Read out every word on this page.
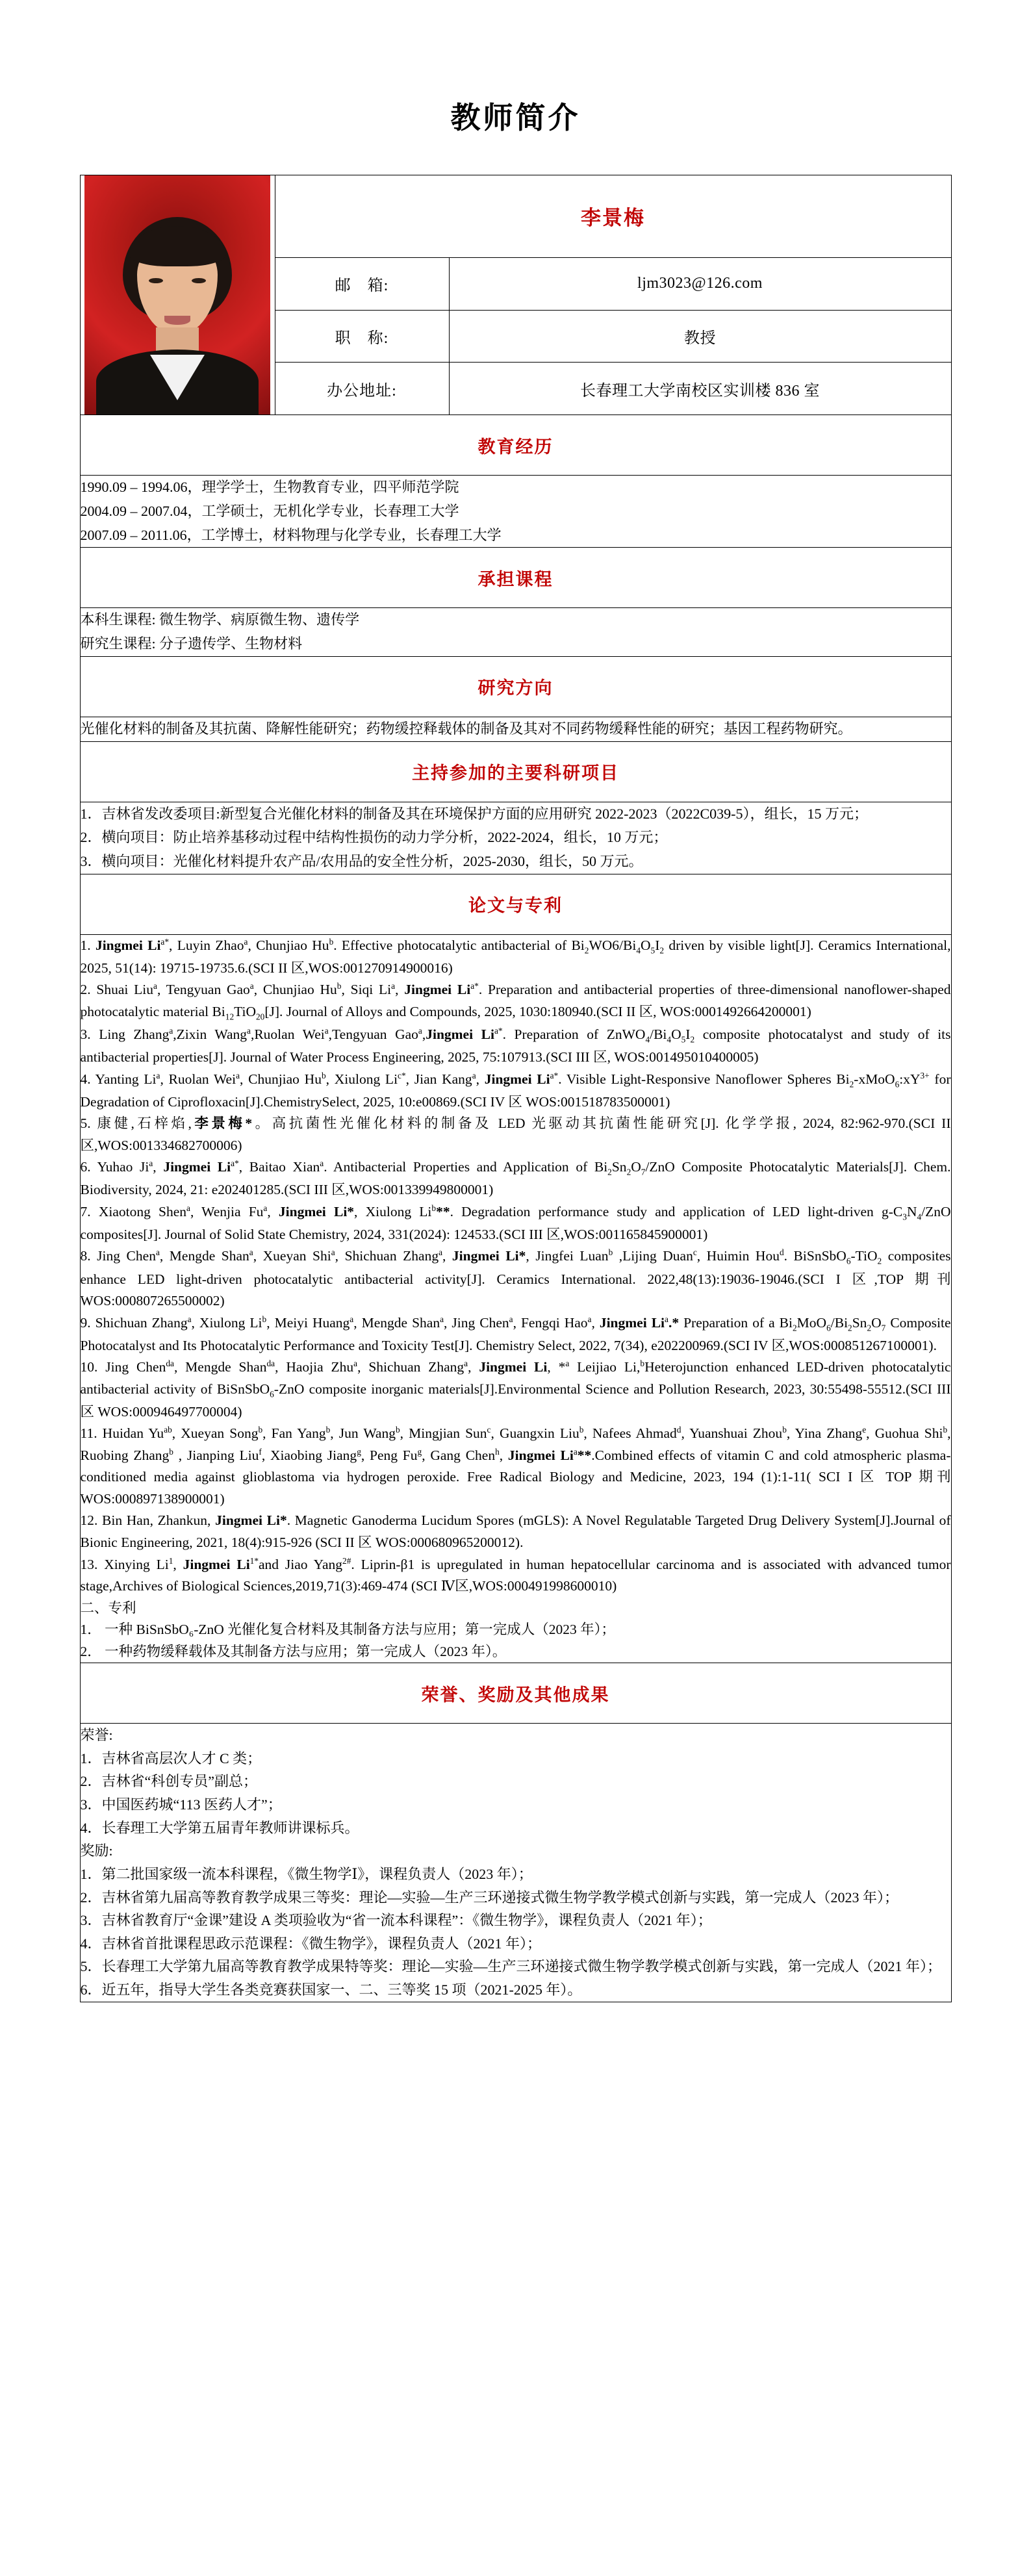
教师简介
	李景梅	
	邮　箱:	ljm3023@126.com
	职　称:	教授
	办公地址:	长春理工大学南校区实训楼 836 室
教育经历		

1990.09 – 1994.06，理学学士，生物教育专业，四平师范学院

2004.09 – 2007.04，工学硕士，无机化学专业，长春理工大学

2007.09 – 2011.06，工学博士，材料物理与化学专业，长春理工大学		

承担课程		

本科生课程: 微生物学、病原微生物、遗传学

研究生课程: 分子遗传学、生物材料		

研究方向		

光催化材料的制备及其抗菌、降解性能研究；药物缓控释载体的制备及其对不同药物缓释性能的研究；基因工程药物研究。		

主持参加的主要科研项目		

1．吉林省发改委项目:新型复合光催化材料的制备及其在环境保护方面的应用研究 2022-2023（2022C039-5），组长，15 万元；

2．横向项目：防止培养基移动过程中结构性损伤的动力学分析，2022-2024，组长，10 万元；

3．横向项目：光催化材料提升农产品/农用品的安全性分析，2025-2030，组长，50 万元。		

论文与专利		

1. Jingmei $Li^{a*}$, Luyin Zhao$^a$, Chunjiao Hu$^b$. Effective photocatalytic antibacterial of $Bi_2WO6/Bi_4O_5I_2$ driven by visible light[J]. Ceramics International, 2025, 51(14): 19715-19735.6.(SCI II 区,WOS:001270914900016)

2. Shuai Liu$^a$, Tengyuan Gao$^a$, Chunjiao Hu$^b$, Siqi Li$^a$, Jingmei $Li^{a*}$. Preparation and antibacterial properties of three-dimensional nanoflower-shaped photocatalytic material $Bi_{12}TiO_{20}[J]$. Journal of Alloys and Compounds, 2025, 1030:180940.(SCI II 区, WOS:0001492664200001)

3. Ling Zhang$^a$,Zixin Wang$^a$,Ruolan Wei$^a$,Tengyuan Gao$^a$,Jingmei $Li^{a*}$. Preparation of $ZnWO_4/Bi_4O_5I_2$ composite photocatalyst and study of its antibacterial properties[J]. Journal of Water Process Engineering, 2025, 75:107913.(SCI III 区, WOS:001495010400005)

4. Yanting Li$^a$, Ruolan Wei$^a$, Chunjiao Hu$^b$, Xiulong $Li^{c*}$, Jian Kang$^a$, Jingmei $Li^{a*}$. Visible Light-Responsive Nanoflower Spheres $Bi_2-xMoO_6:xY^{3+}$ for Degradation of Ciprofloxacin[J].ChemistrySelect, 2025, 10:e00869.(SCI IV 区 WOS:001518783500001)

5. 康健,石梓焰,李景梅*。高抗菌性光催化材料的制备及 LED 光驱动其抗菌性能研究[J]. 化学学报, 2024, 82:962-970.(SCI II 区,WOS:001334682700006)

6. Yuhao Ji$^a$, Jingmei $Li^{a*}$, Baitao Xian$^a$. Antibacterial Properties and Application of $Bi_2Sn_2O_7$/ZnO Composite Photocatalytic Materials[J]. Chem. Biodiversity, 2024, 21: e202401285.(SCI III 区,WOS:001339949800001)

7. Xiaotong Shen$^a$, Wenjia Fu$^a$, Jingmei Li*, Xiulong Li$^b$**. Degradation performance study and application of LED light-driven $g-C_3N_4$/ZnO composites[J]. Journal of Solid State Chemistry, 2024, 331(2024): 124533.(SCI III 区,WOS:001165845900001)

8. Jing Chen$^a$, Mengde Shan$^a$, Xueyan Shi$^a$, Shichuan Zhang$^a$, Jingmei Li*, Jingfei Luan$^b$ ,Lijing Duan$^c$, Huimin Hou$^d$. BiSnSbO$_6$-TiO$_2$ composites enhance LED light-driven photocatalytic antibacterial activity[J]. Ceramics International. 2022,48(13):19036-19046.(SCI I 区,TOP 期刊 WOS:000807265500002)

9. Shichuan Zhang$^a$, Xiulong Li$^b$, Meiyi Huang$^a$, Mengde Shan$^a$, Jing Chen$^a$, Fengqi Hao$^a$, Jingmei Li$^a$.* Preparation of a $Bi_2MoO_6/Bi_2Sn_2O_7$ Composite Photocatalyst and Its Photocatalytic Performance and Toxicity Test[J]. Chemistry Select, 2022, 7(34), e202200969.(SCI IV 区,WOS:000851267100001).

10. Jing Chen$^{da}$, Mengde Shan$^{da}$, Haojia Zhu$^a$, Shichuan Zhang$^a$, Jingmei Li, *$^a$ Leijiao Li,$^b$Heterojunction enhanced LED-driven photocatalytic antibacterial activity of BiSnSbO$_6$-ZnO composite inorganic materials[J].Environmental Science and Pollution Research, 2023, 30:55498-55512.(SCI III 区 WOS:000946497700004)

11. Huidan $Yu^{ab}$, Xueyan Song$^b$, Fan Yang$^b$, Jun Wang$^b$, Mingjian Sun$^c$, Guangxin Liu$^b$, Nafees Ahmad$^d$, Yuanshuai Zhou$^b$, Yina Zhang$^e$, Guohua Shi$^b$, Ruobing Zhang$^b$ , Jianping Liu$^f$, Xiaobing Jiang$^g$, Peng Fu$^g$, Gang Chen$^h$, Jingmei Li$^a$**.Combined effects of vitamin C and cold atmospheric plasma-conditioned media against glioblastoma via hydrogen peroxide. Free Radical Biology and Medicine, 2023, 194 (1):1-11( SCI I 区 TOP 期刊 WOS:000897138900001)

12. Bin Han, Zhankun, Jingmei Li*. Magnetic Ganoderma Lucidum Spores (mGLS): A Novel Regulatable Targeted Drug Delivery System[J].Journal of Bionic Engineering, 2021, 18(4):915-926 (SCI II 区 WOS:000680965200012).

13. Xinying Li$^1$, Jingmei $Li^{1*}and$ Jiao Yang$^{2\#}$. Liprin-β1 is upregulated in human hepatocellular carcinoma and is associated with advanced tumor stage,Archives of Biological Sciences,2019,71(3):469-474 (SCI Ⅳ区,WOS:000491998600010)

二、专利

1． 一种 BiSnSbO₆-ZnO 光催化复合材料及其制备方法与应用；第一完成人（2023 年）；

2． 一种药物缓释载体及其制备方法与应用；第一完成人（2023 年）。

荣誉、奖励及其他成果		

荣誉:

1．吉林省高层次人才 C 类；

2．吉林省“科创专员”副总；

3．中国医药城“113 医药人才”；

4．长春理工大学第五届青年教师讲课标兵。

奖励:

1．第二批国家级一流本科课程，《微生物学Ⅰ》，课程负责人（2023 年）；

2．吉林省第九届高等教育教学成果三等奖：理论—实验—生产三环递接式微生物学教学模式创新与实践，第一完成人（2023 年）；

3．吉林省教育厅“金课”建设 A 类项验收为“省一流本科课程”：《微生物学》，课程负责人（2021 年）；

4．吉林省首批课程思政示范课程：《微生物学》，课程负责人（2021 年）；

5．长春理工大学第九届高等教育教学成果特等奖：理论—实验—生产三环递接式微生物学教学模式创新与实践，第一完成人（2021 年）；

6．近五年，指导大学生各类竞赛获国家一、二、三等奖 15 项（2021-2025 年）。
